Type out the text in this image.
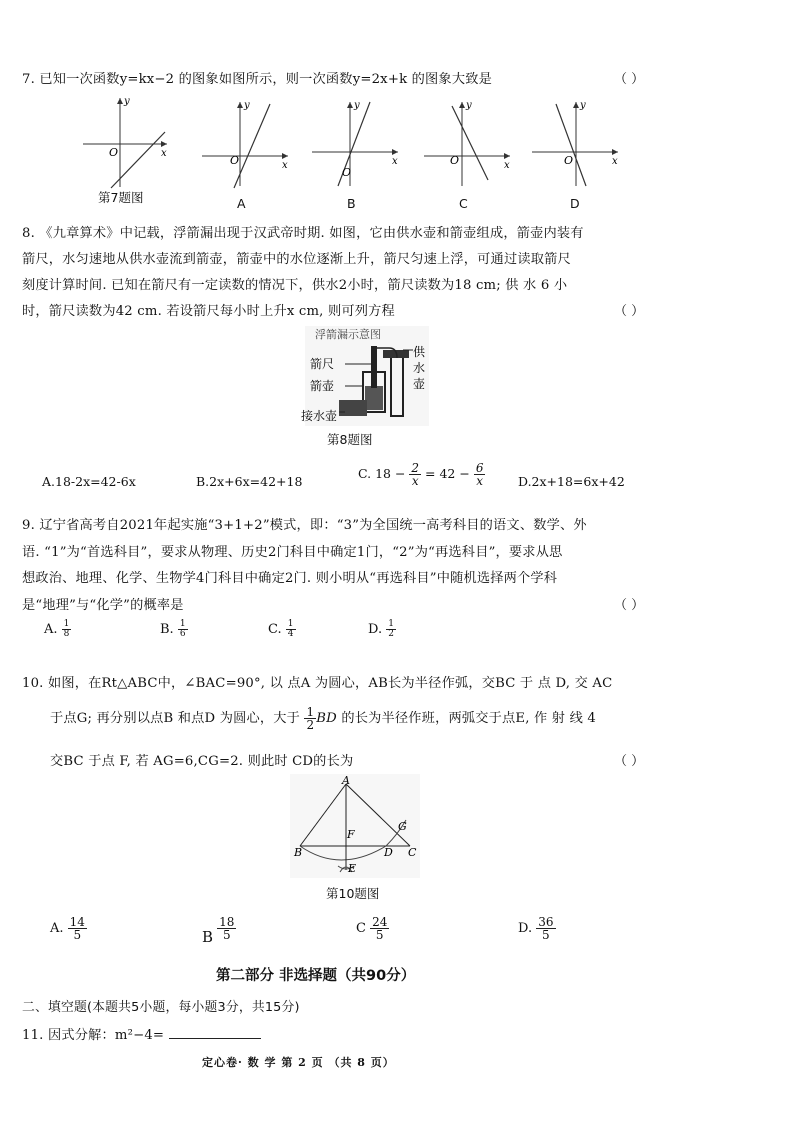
7. 已知一次函数y=kx−2 的图象如图所示，则一次函数y=2x+k 的图象大致是	（ ）
y
x
O
第7题图
y
x
O
A
y
x
O
B
y
x
O
C
y
x
O
D
8. 《九章算术》中记载，浮箭漏出现于汉武帝时期. 如图，它由供水壶和箭壶组成，箭壶内装有
箭尺，水匀速地从供水壶流到箭壶，箭壶中的水位逐渐上升，箭尺匀速上浮，可通过读取箭尺
刻度计算时间. 已知在箭尺有一定读数的情况下，供水2小时，箭尺读数为18 cm; 供 水 6 小
时，箭尺读数为42 cm. 若设箭尺每小时上升x cm, 则可列方程	（ ）
浮箭漏示意图
箭尺
箭壶
接水壶
供
水
壶
第8题图
A.18-2x=42-6x	B.2x+6x=42+18
C. $18 - \frac{2}{x} = 42 - \frac{6}{x}$	D.2x+18=6x+42
9. 辽宁省高考自2021年起实施“3+1+2”模式，即：“3”为全国统一高考科目的语文、数学、外
语. “1”为“首选科目”，要求从物理、历史2门科目中确定1门，“2”为“再选科目”，要求从思
想政治、地理、化学、生物学4门科目中确定2门. 则小明从“再选科目”中随机选择两个学科
是“地理”与“化学”的概率是	（ ）
A. $\frac{1}{8}$	B. $\frac{1}{6}$	C. $\frac{1}{4}$	D. $\frac{1}{2}$
10. 如图，在Rt△ABC中，∠BAC=90°, 以 点A 为圆心，AB长为半径作弧，交BC 于 点 D, 交 AC
于点G; 再分别以点B 和点D 为圆心，大于 $\frac{1}{2}$ BD 的长为半径作班，两弧交于点E, 作 射 线 4
交BC 于点 F, 若 AG=6,CG=2. 则此时 CD的长为	（ ）
A
B	C
D
E
F
G
第10题图
A. $\frac{14}{5}$	B $\frac{18}{5}$	C $\frac{24}{5}$	D. $\frac{36}{5}$
第二部分 非选择题（共90分）
二、填空题(本题共5小题，每小题3分，共15分)
11. 因式分解：m²−4=
定心卷· 数 学 第 2 页 （共 8 页）
